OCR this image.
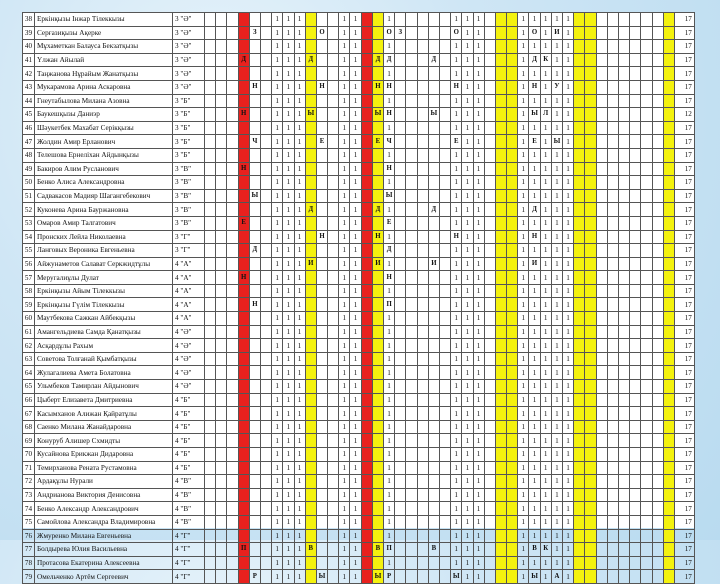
38	Еркінқызы Інжар Тілеккызы	3 "Ә"							1	1	1				1	1			1						1	1	1				1	1	1	1	1										17
39	Серғазиқызы Ақерке	3 "Ә"					З		1	1	1		О		1	1			О	З					О	1	1				1	О	1	И	1										17
40	Мұхаметкан Балауса Бекзатқызы	3 "Ә"							1	1	1				1	1			1						1	1	1				1	1	1	1	1										17
41	Үлжан Айылай	3 "Ә"				Д			1	1	1	Д			1	1		Д	Д				Д		1	1	1				1	Д	К	1	1										17
42	Таңжанова Нұрайым Жанатқызы	3 "Ә"							1	1	1				1	1			1						1	1	1				1	1	1	1	1										17
43	Мукарамова Арина Аскаровна	3 "Ә"					Н		1	1	1		Н		1	1		Н	Н						Н	1	1				1	Н	1	У	1										17
44	Гнеутабылова Милана Азовна	3 "Б"							1	1	1				1	1			1						1	1	1				1	1	1	1	1										17
45	Баукешқызы Даниэр	3 "Б"				Н			1	1	1	Ы			1	1		Ы	Н				Ы		1	1	1				1	Ы	Л	1	1										12
46	Шәукетбек Махабат Серікқызы	3 "Б"							1	1	1				1	1			1						1	1	1				1	1	1	1	1										17
47	Жолдин Амир Ерланович	3 "Б"					Ч		1	1	1		Е		1	1		Е	Ч						Е	1	1				1	Е	1	Ы	1										17
48	Телешова Ернеліхан Айдынқызы	3 "Б"							1	1	1				1	1			1						1	1	1				1	1	1	1	1										17
49	Бакиров Алим Русланович	3 "В"				Н			1	1	1				1	1			Н						1	1	1				1	1	1	1	1										17
50	Бенко Алиса Александровна	3 "В"							1	1	1				1	1			1						1	1	1				1	1	1	1	1										17
51	Садвакасов Мадияр Шагангебекович	3 "В"					Ы		1	1	1				1	1			Ы						1	1	1				1	1	1	1	1										17
52	Куконева Арина Бауржановна	3 "В"							1	1	1	Д			1	1		Д	1				Д		1	1	1				1	Д	1	1	1										17
53	Омаров Амир Талгатович	3 "В"				Е			1	1	1				1	1			Е						1	1	1				1	1	1	1	1										17
54	Пронских Лейла Николаевна	3 "Г"							1	1	1		Н		1	1		Н	1						Н	1	1				1	Н	1	1	1										17
55	Ланговых Вероника Евгеньевна	3 "Г"					Д		1	1	1				1	1			Д						1	1	1				1	1	1	1	1										17
56	Айжунаметов Салават Серкжидтұлы	4 "А"							1	1	1	И			1	1		И	1				И		1	1	1				1	И	1	1	1										17
57	Меругалиұлы Дулат	4 "А"				Н			1	1	1				1	1			Н						1	1	1				1	1	1	1	1										17
58	Еркінқызы Айым Тілеккызы	4 "А"							1	1	1				1	1			1						1	1	1				1	1	1	1	1										17
59	Еркінқызы Гүлім Тілеккызы	4 "А"					Н		1	1	1				1	1			П						1	1	1				1	1	1	1	1										17
60	Маутбекова Сажкан Айбекқызы	4 "А"							1	1	1				1	1			1						1	1	1				1	1	1	1	1										17
61	Амангельдиева Самда Қанатқызы	4 "Ә"							1	1	1				1	1			1						1	1	1				1	1	1	1	1										17
62	Асқардұлы Рахым	4 "Ә"							1	1	1				1	1			1						1	1	1				1	1	1	1	1										17
63	Советова Толғанай Қымбатқызы	4 "Ә"							1	1	1				1	1			1						1	1	1				1	1	1	1	1										17
64	Жулагалиева Амета Болатовна	4 "Ә"							1	1	1				1	1			1						1	1	1				1	1	1	1	1										17
65	Ульмбеков Тамирлан Айдынович	4 "Ә"							1	1	1				1	1			1						1	1	1				1	1	1	1	1										17
66	Цыберт Елизавета Дмитриевна	4 "Б"							1	1	1				1	1			1						1	1	1				1	1	1	1	1										17
67	Касымханов Алижан Қайратұлы	4 "Б"							1	1	1				1	1			1						1	1	1				1	1	1	1	1										17
68	Саенко Милана Жанайдаровна	4 "Б"							1	1	1				1	1			1						1	1	1				1	1	1	1	1										17
69	Конуруб Алишер Схмидты	4 "Б"							1	1	1				1	1			1						1	1	1				1	1	1	1	1										17
70	Кусайнова Ерикжан Дидаровна	4 "Б"							1	1	1				1	1			1						1	1	1				1	1	1	1	1										17
71	Темирханова Рената Рустамовна	4 "Б"							1	1	1				1	1			1						1	1	1				1	1	1	1	1										17
72	Ардақұлы Нурали	4 "В"							1	1	1				1	1			1						1	1	1				1	1	1	1	1										17
73	Андрианова Виктория Денисовна	4 "В"							1	1	1				1	1			1						1	1	1				1	1	1	1	1										17
74	Бенко Александр Александрович	4 "В"							1	1	1				1	1			1						1	1	1				1	1	1	1	1										17
75	Самойлова Александра Владимировна	4 "В"							1	1	1				1	1			1						1	1	1				1	1	1	1	1										17
76	Жмуренко Милана Евгеньевна	4 "Г"							1	1	1				1	1			1						1	1	1				1	1	1	1	1										17
77	Болдырева Юлия Васильевна	4 "Г"				П			1	1	1	В			1	1		В	П				В		1	1	1				1	В	К	1	1										17
78	Протасова Екатерина Алексеевна	4 "Г"							1	1	1				1	1			1						1	1	1				1	1	1	1	1										17
79	Омельченко Артём Сергеевич	4 "Г"					Р		1	1	1		Ы		1	1		Ы	Р						Ы	1	1				1	Ы	1	А	1										17
